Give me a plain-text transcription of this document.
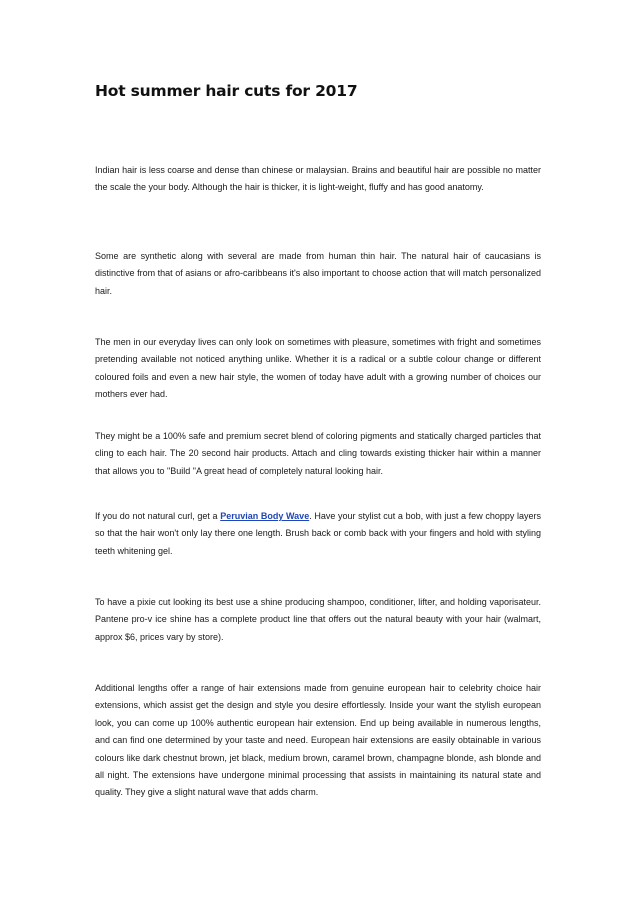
Hot summer hair cuts for 2017

Indian hair is less coarse and dense than chinese or malaysian. Brains and beautiful hair are possible no matter the scale the your body. Although the hair is thicker, it is light-weight, fluffy and has good anatomy.

Some are synthetic along with several are made from human thin hair. The natural hair of caucasians is distinctive from that of asians or afro-caribbeans it's also important to choose action that will match personalized hair.

The men in our everyday lives can only look on sometimes with pleasure, sometimes with fright and sometimes pretending available not noticed anything unlike. Whether it is a radical or a subtle colour change or different coloured foils and even a new hair style, the women of today have adult with a growing number of choices our mothers ever had.

They might be a 100% safe and premium secret blend of coloring pigments and statically charged particles that cling to each hair. The 20 second hair products. Attach and cling towards existing thicker hair within a manner that allows you to "Build "A great head of completely natural looking hair.

If you do not natural curl, get a Peruvian Body Wave. Have your stylist cut a bob, with just a few choppy layers so that the hair won't only lay there one length. Brush back or comb back with your fingers and hold with styling teeth whitening gel.

To have a pixie cut looking its best use a shine producing shampoo, conditioner, lifter, and holding vaporisateur. Pantene pro-v ice shine has a complete product line that offers out the natural beauty with your hair (walmart, approx $6, prices vary by store).

Additional lengths offer a range of hair extensions made from genuine european hair to celebrity choice hair extensions, which assist get the design and style you desire effortlessly. Inside your want the stylish european look, you can come up 100% authentic european hair extension. End up being available in numerous lengths, and can find one determined by your taste and need. European hair extensions are easily obtainable in various colours like dark chestnut brown, jet black, medium brown, caramel brown, champagne blonde, ash blonde and all night. The extensions have undergone minimal processing that assists in maintaining its natural state and quality. They give a slight natural wave that adds charm.
